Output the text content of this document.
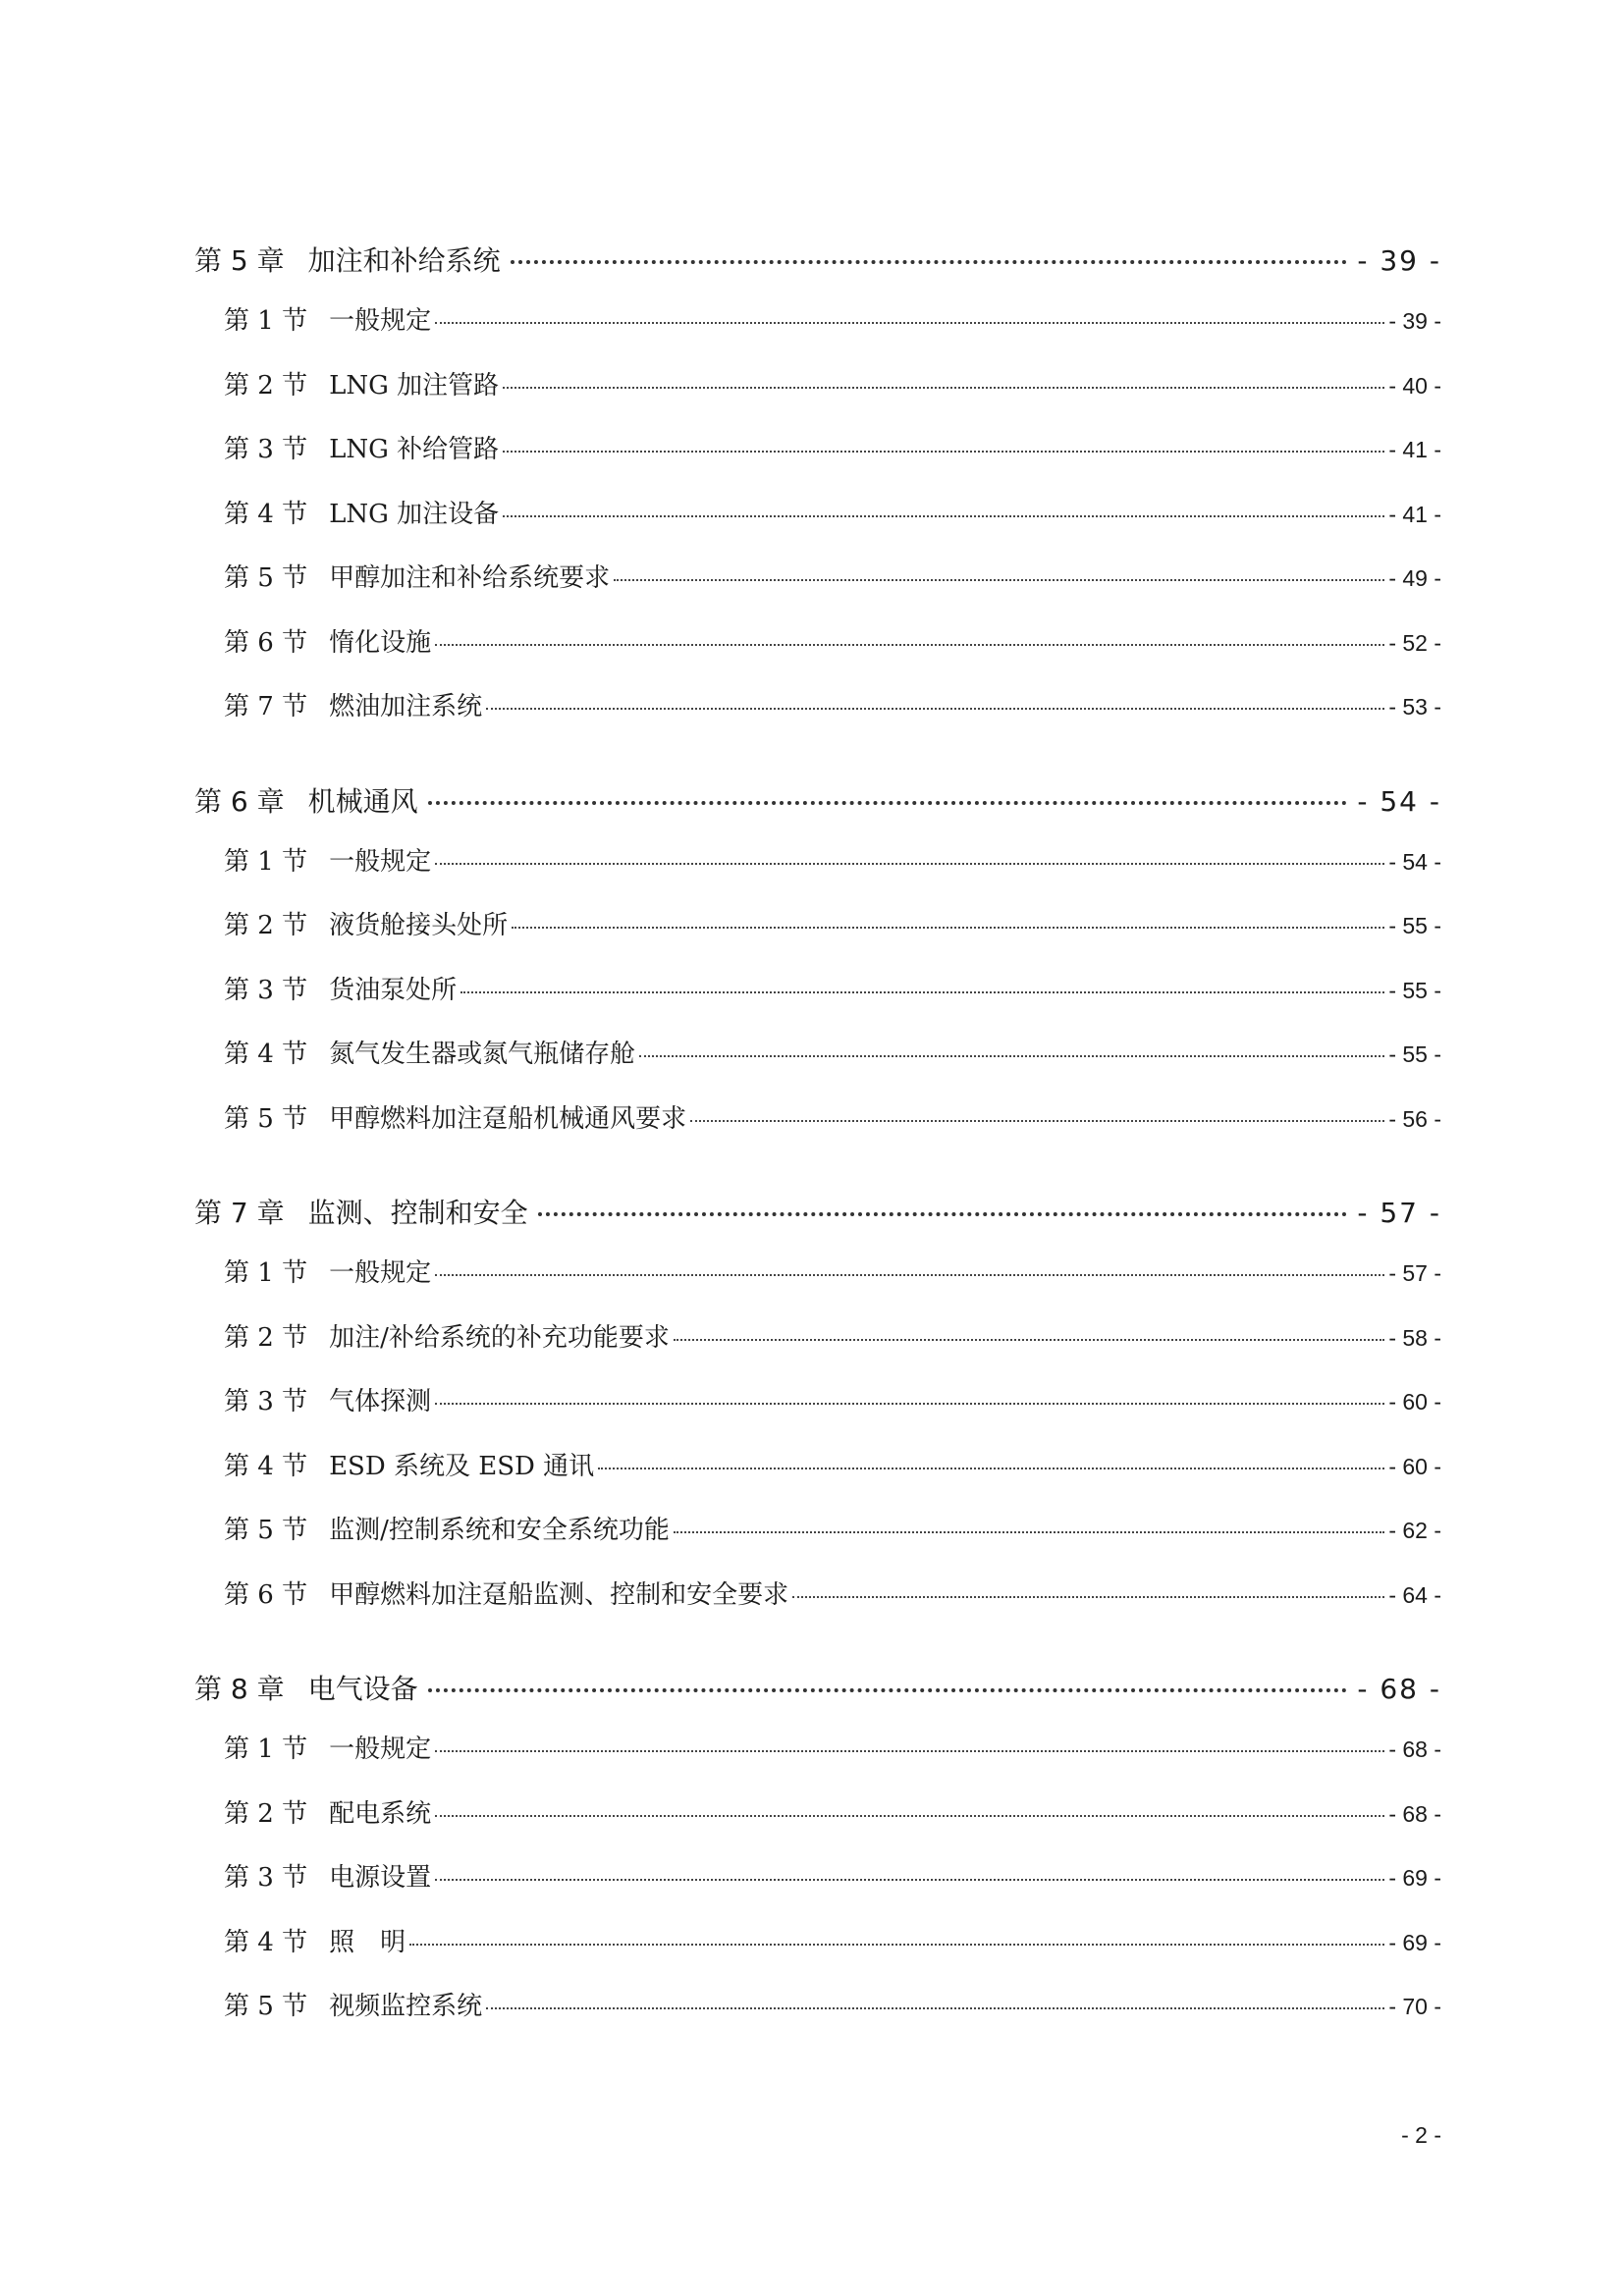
第 5 章 加注和补给系统	- 39 -
第 1 节 一般规定	- 39 -
第 2 节 LNG 加注管路	- 40 -
第 3 节 LNG 补给管路	- 41 -
第 4 节 LNG 加注设备	- 41 -
第 5 节 甲醇加注和补给系统要求	- 49 -
第 6 节 惰化设施	- 52 -
第 7 节 燃油加注系统	- 53 -
第 6 章 机械通风	- 54 -
第 1 节 一般规定	- 54 -
第 2 节 液货舱接头处所	- 55 -
第 3 节 货油泵处所	- 55 -
第 4 节 氮气发生器或氮气瓶储存舱	- 55 -
第 5 节 甲醇燃料加注趸船机械通风要求	- 56 -
第 7 章 监测、控制和安全	- 57 -
第 1 节 一般规定	- 57 -
第 2 节 加注/补给系统的补充功能要求	- 58 -
第 3 节 气体探测	- 60 -
第 4 节 ESD 系统及 ESD 通讯	- 60 -
第 5 节 监测/控制系统和安全系统功能	- 62 -
第 6 节 甲醇燃料加注趸船监测、控制和安全要求	- 64 -
第 8 章 电气设备	- 68 -
第 1 节 一般规定	- 68 -
第 2 节 配电系统	- 68 -
第 3 节 电源设置	- 69 -
第 4 节 照　明	- 69 -
第 5 节 视频监控系统	- 70 -
- 2 -
